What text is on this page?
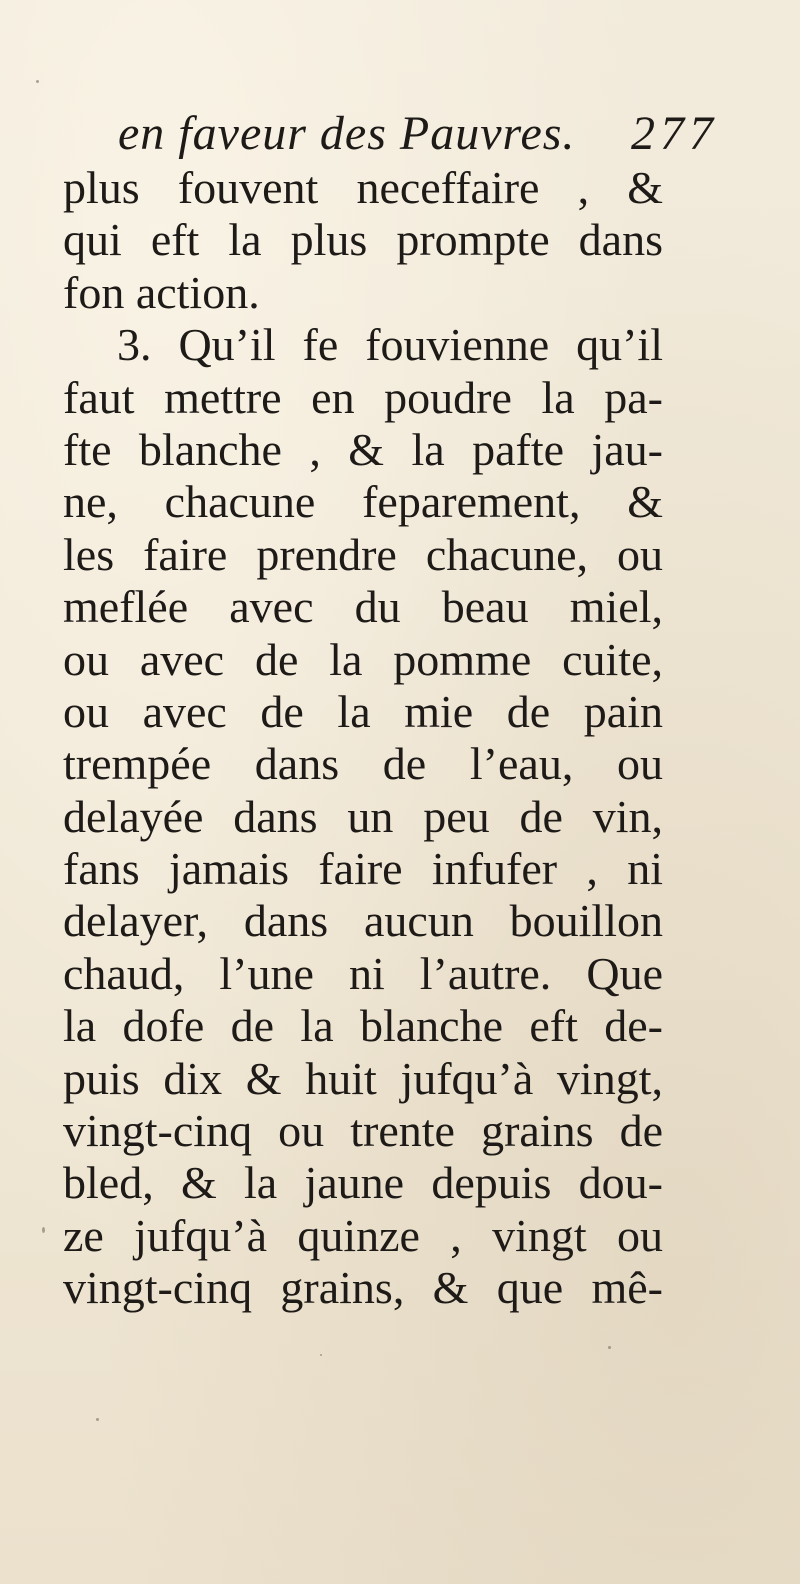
en faveur des Pauvres. 277
plus fouvent neceffaire , &
qui eft la plus prompte dans
fon action.
3. Qu’il fe fouvienne qu’il
faut mettre en poudre la pa-
fte blanche , & la pafte jau-
ne, chacune feparement, &
les faire prendre chacune, ou
meflée avec du beau miel,
ou avec de la pomme cuite,
ou avec de la mie de pain
trempée dans de l’eau, ou
delayée dans un peu de vin,
fans jamais faire infufer , ni
delayer, dans aucun bouillon
chaud, l’une ni l’autre. Que
la dofe de la blanche eft de-
puis dix & huit jufqu’à vingt,
vingt-cinq ou trente grains de
bled, & la jaune depuis dou-
ze jufqu’à quinze , vingt ou
vingt-cinq grains, & que mê-
